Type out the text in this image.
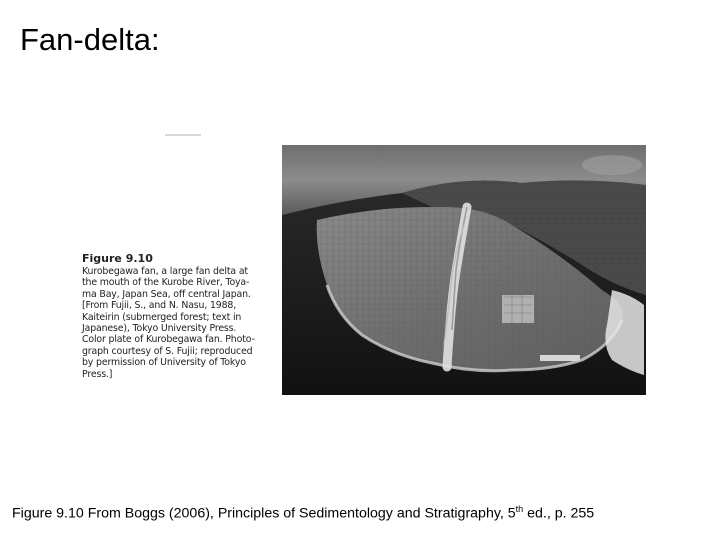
Fan-delta:
Figure 9.10
Kurobegawa fan, a large fan delta at
the mouth of the Kurobe River, Toya-
ma Bay, Japan Sea, off central Japan.
[From Fujii, S., and N. Nasu, 1988,
Kaiteirin (submerged forest; text in
Japanese), Tokyo University Press.
Color plate of Kurobegawa fan. Photo-
graph courtesy of S. Fujii; reproduced
by permission of University of Tokyo
Press.]
Figure 9.10 From Boggs (2006), Principles of Sedimentology and Stratigraphy, 5th ed., p. 255
